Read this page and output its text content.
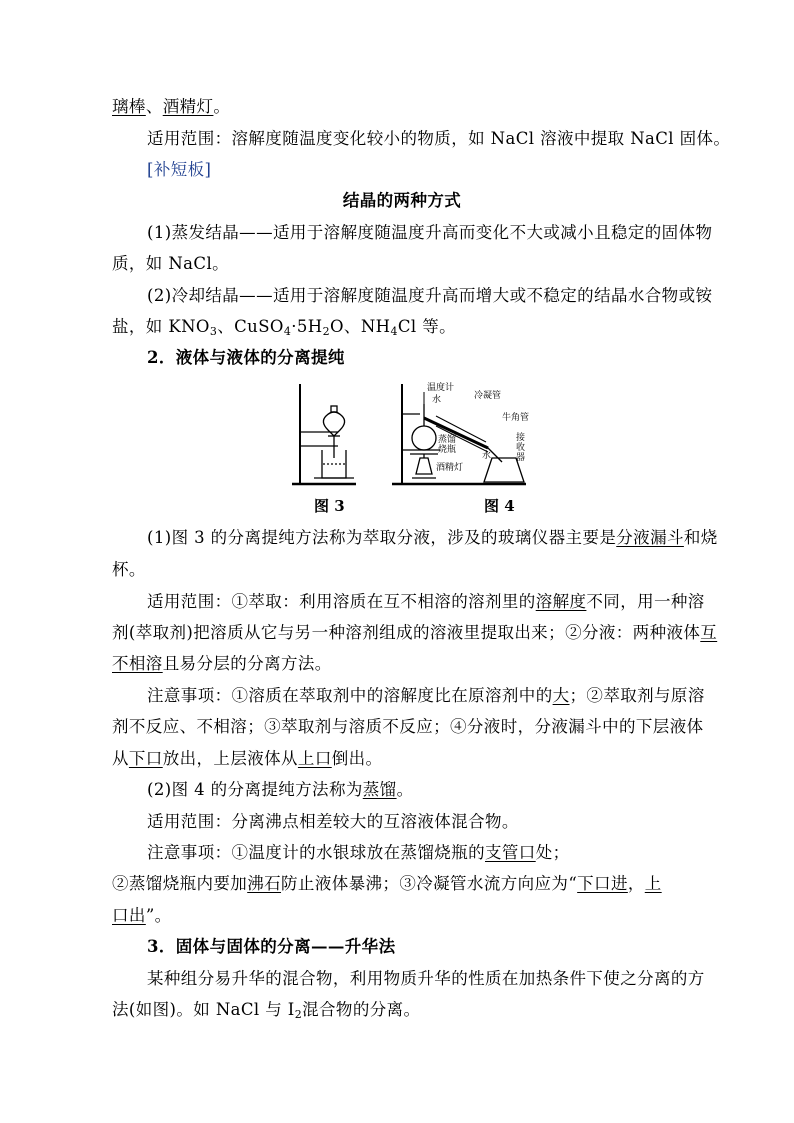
璃棒、酒精灯。
适用范围：溶解度随温度变化较小的物质，如 NaCl 溶液中提取 NaCl 固体。
[补短板]
结晶的两种方式
(1)蒸发结晶——适用于溶解度随温度升高而变化不大或减小且稳定的固体物
质，如 NaCl。
(2)冷却结晶——适用于溶解度随温度升高而增大或不稳定的结晶水合物或铵
盐，如 $KNO_3$、$CuSO_4\cdot 5H_2O$、$NH_4Cl$ 等。
2．液体与液体的分离提纯
温度计
水	冷凝管
牛角管
蒸馏
烧瓶
水
接
收
器
酒精灯
图 3	图 4
(1)图 3 的分离提纯方法称为萃取分液，涉及的玻璃仪器主要是分液漏斗和烧
杯。
适用范围：①萃取：利用溶质在互不相溶的溶剂里的溶解度不同，用一种溶
剂(萃取剂)把溶质从它与另一种溶剂组成的溶液里提取出来；②分液：两种液体互
不相溶且易分层的分离方法。
注意事项：①溶质在萃取剂中的溶解度比在原溶剂中的大；②萃取剂与原溶
剂不反应、不相溶；③萃取剂与溶质不反应；④分液时，分液漏斗中的下层液体
从下口放出，上层液体从上口倒出。
(2)图 4 的分离提纯方法称为蒸馏。
适用范围：分离沸点相差较大的互溶液体混合物。
注意事项：①温度计的水银球放在蒸馏烧瓶的支管口处；
②蒸馏烧瓶内要加沸石防止液体暴沸；③冷凝管水流方向应为“下口进，上
口出”。
3．固体与固体的分离——升华法
某种组分易升华的混合物，利用物质升华的性质在加热条件下使之分离的方
法(如图)。如 NaCl 与 $I_2$混合物的分离。
